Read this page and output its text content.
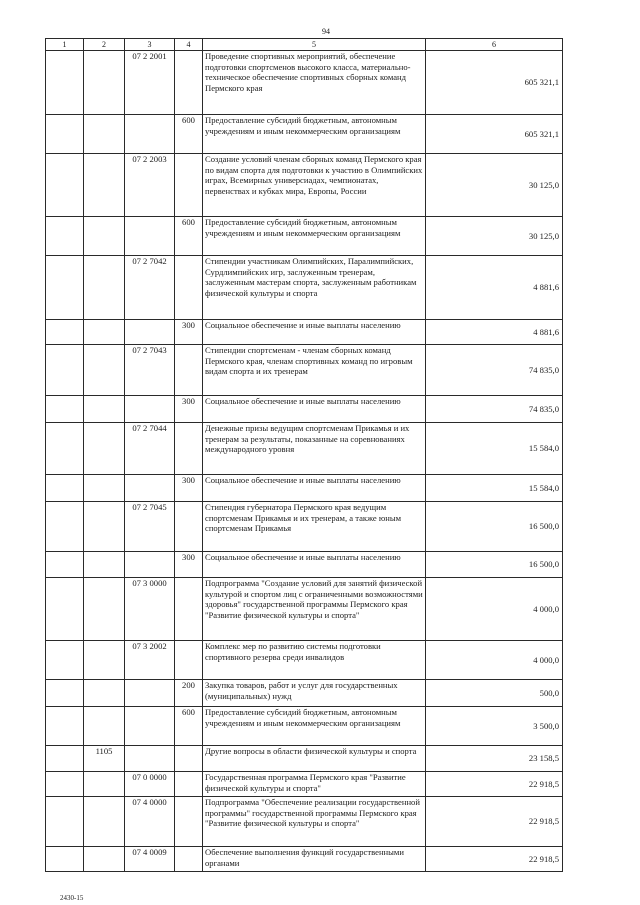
94
1	2	3	4	5	6
		07 2 2001		Проведение спортивных мероприятий, обеспечение подготовки спортсменов высокого класса, материально-техническое обеспечение спортивных сборных команд Пермского края	605 321,1
			600	Предоставление субсидий бюджетным, автономным учреждениям и иным некоммерческим организациям	605 321,1
		07 2 2003		Создание условий членам сборных команд Пермского края по видам спорта для подготовки к участию в Олимпийских играх, Всемирных универсиадах, чемпионатах, первенствах и кубках мира, Европы, России	30 125,0
			600	Предоставление субсидий бюджетным, автономным учреждениям и иным некоммерческим организациям	30 125,0
		07 2 7042		Стипендии участникам Олимпийских, Паралимпийских, Сурдлимпийских игр, заслуженным тренерам, заслуженным мастерам спорта, заслуженным работникам физической культуры и спорта	4 881,6
			300	Социальное обеспечение и иные выплаты населению	4 881,6
		07 2 7043		Стипендии спортсменам - членам сборных команд Пермского края, членам спортивных команд по игровым видам спорта и их тренерам	74 835,0
			300	Социальное обеспечение и иные выплаты населению	74 835,0
		07 2 7044		Денежные призы ведущим спортсменам Прикамья и их тренерам за результаты, показанные на соревнованиях международного уровня	15 584,0
			300	Социальное обеспечение и иные выплаты населению	15 584,0
		07 2 7045		Стипендия губернатора Пермского края ведущим спортсменам Прикамья и их тренерам, а также юным спортсменам Прикамья	16 500,0
			300	Социальное обеспечение и иные выплаты населению	16 500,0
		07 3 0000		Подпрограмма "Создание условий для занятий физической культурой и спортом лиц с ограниченными возможностями здоровья" государственной программы Пермского края "Развитие физической культуры и спорта"	4 000,0
		07 3 2002		Комплекс мер по развитию системы подготовки спортивного резерва среди инвалидов	4 000,0
			200	Закупка товаров, работ и услуг для государственных (муниципальных) нужд	500,0
			600	Предоставление субсидий бюджетным, автономным учреждениям и иным некоммерческим организациям	3 500,0
	1105			Другие вопросы в области физической культуры и спорта	23 158,5
		07 0 0000		Государственная программа Пермского края "Развитие физической культуры и спорта"	22 918,5
		07 4 0000		Подпрограмма "Обеспечение реализации государственной программы" государственной программы Пермского края "Развитие физической культуры и спорта"	22 918,5
		07 4 0009		Обеспечение выполнения функций государственными органами	22 918,5
2430-15
